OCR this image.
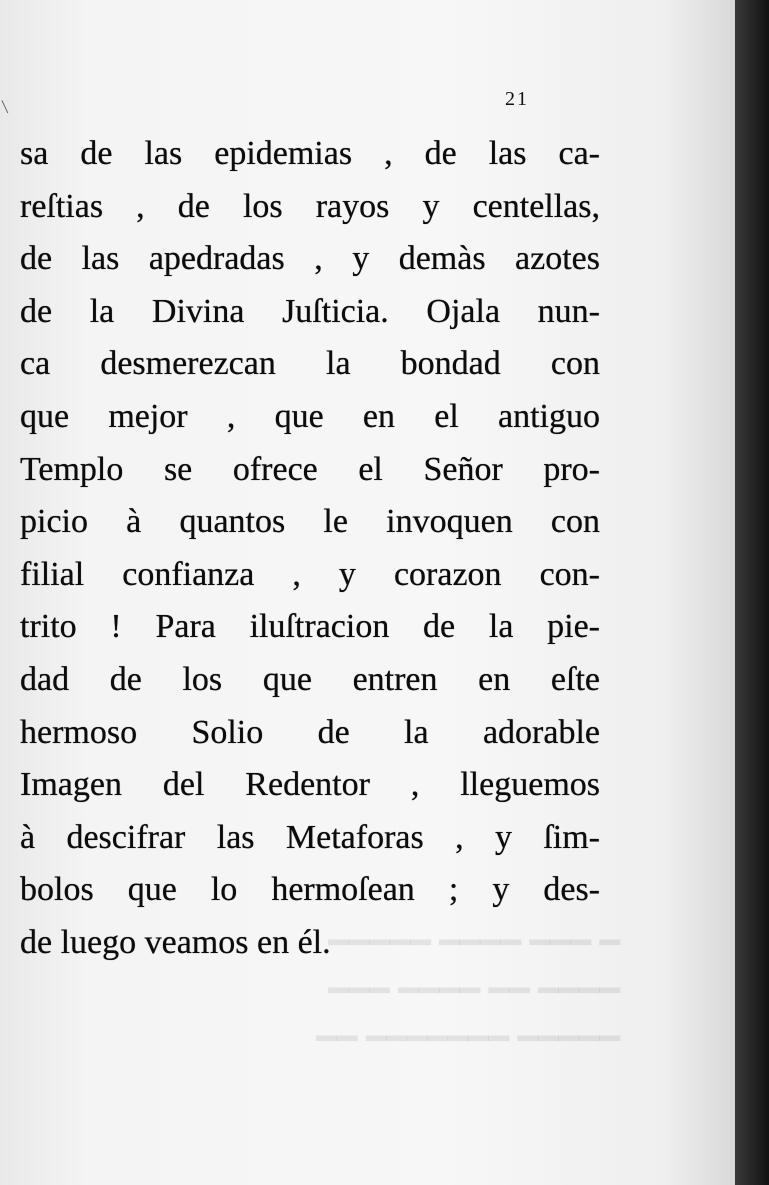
21
sa de las epidemias , de las ca-
reſtias , de los rayos y centellas,
de las apedradas , y demàs azotes
de la Divina Juſticia. Ojala nun-
ca desmerezcan la bondad con
que mejor , que en el antiguo
Templo se ofrece el Señor pro-
picio à quantos le invoquen con
filial confianza , y corazon con-
trito ! Para iluſtracion de la pie-
dad de los que entren en eſte
hermoso Solio de la adorable
Imagen del Redentor , lleguemos
à descifrar las Metaforas , y ſim-
bolos que lo hermoſean ; y des-
de luego veamos en él.
━ ━━━ ━━━━ ━━━━━
━━━━ ━━ ━━━━ ━━━
━━━━━ ━━━━━━━ ━━
